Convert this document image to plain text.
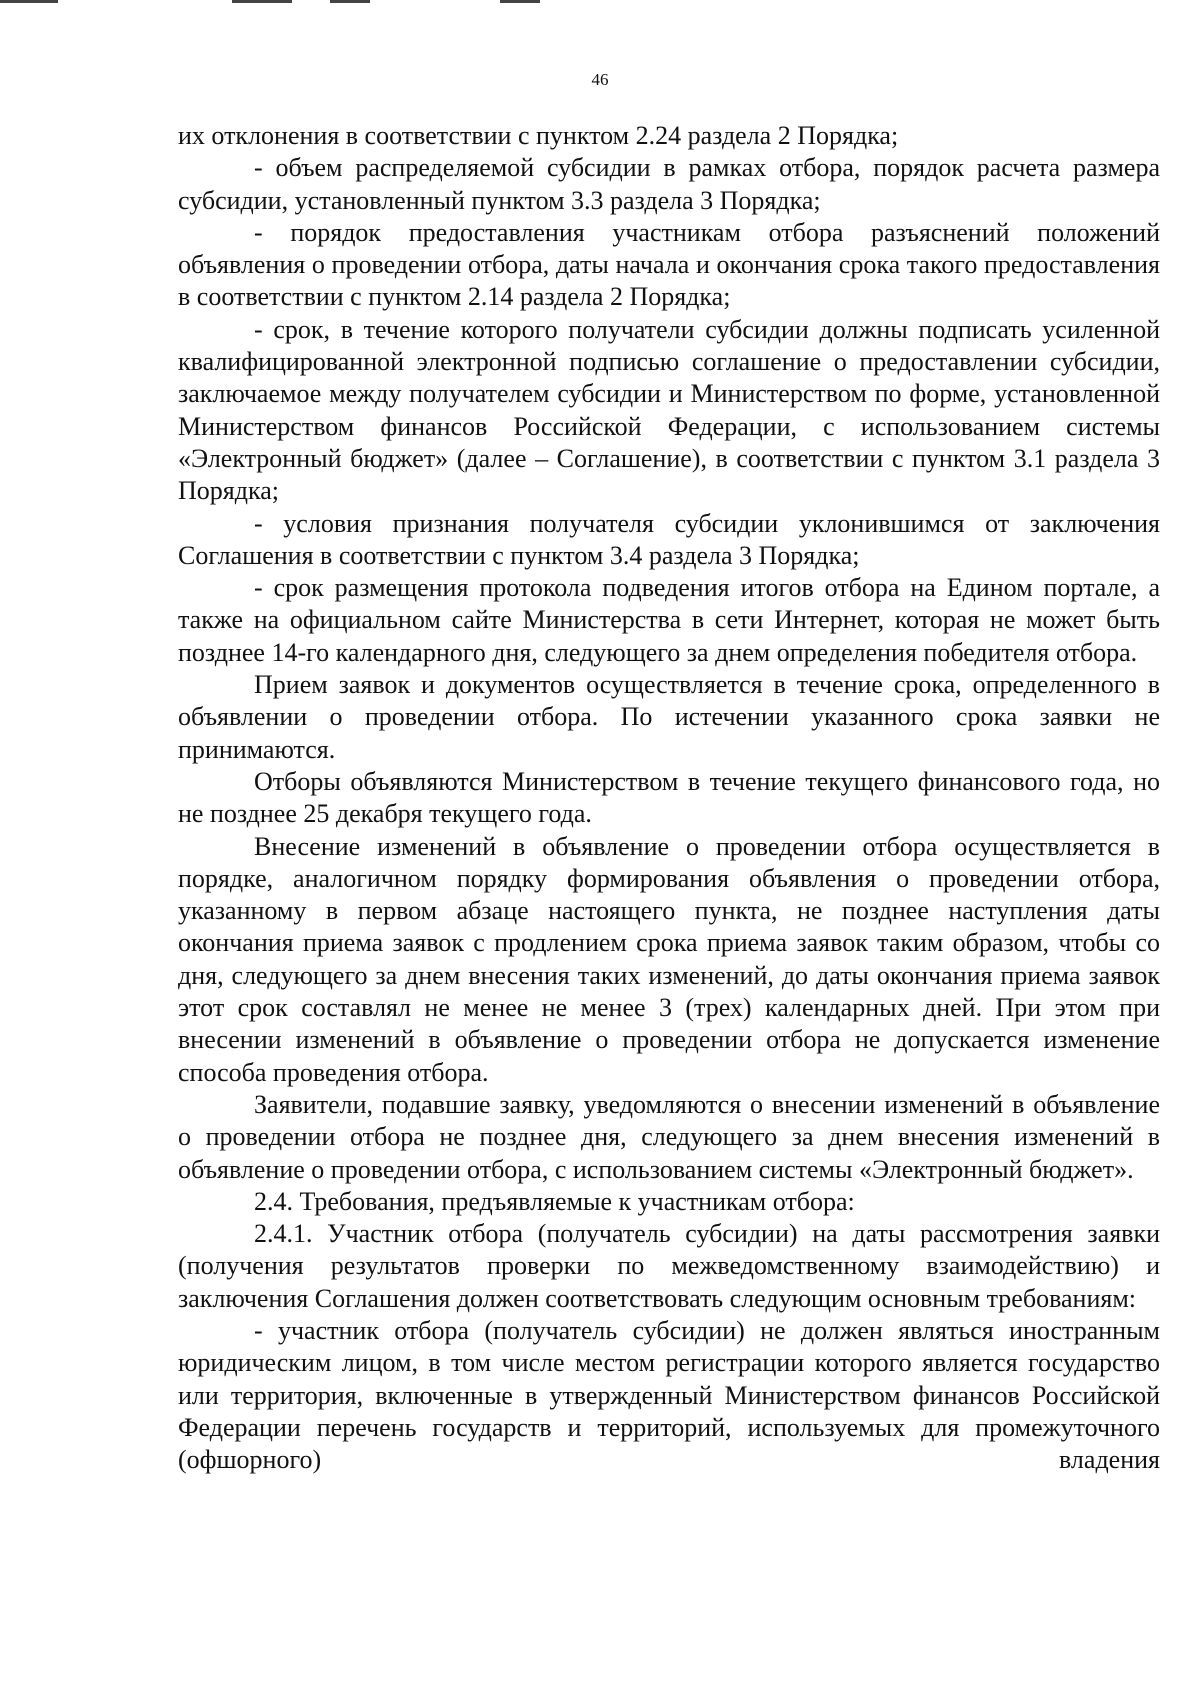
46

их отклонения в соответствии с пунктом 2.24 раздела 2 Порядка;

- объем распределяемой субсидии в рамках отбора, порядок расчета размера субсидии, установленный пунктом 3.3 раздела 3 Порядка;

- порядок предоставления участникам отбора разъяснений положений объявления о проведении отбора, даты начала и окончания срока такого предоставления в соответствии с пунктом 2.14 раздела 2 Порядка;

- срок, в течение которого получатели субсидии должны подписать усиленной квалифицированной электронной подписью соглашение о предоставлении субсидии, заключаемое между получателем субсидии и Министерством по форме, установленной Министерством финансов Российской Федерации, с использованием системы «Электронный бюджет» (далее – Соглашение), в соответствии с пунктом 3.1 раздела 3 Порядка;

- условия признания получателя субсидии уклонившимся от заключения Соглашения в соответствии с пунктом 3.4 раздела 3 Порядка;

- срок размещения протокола подведения итогов отбора на Едином портале, а также на официальном сайте Министерства в сети Интернет, которая не может быть позднее 14-го календарного дня, следующего за днем определения победителя отбора.

Прием заявок и документов осуществляется в течение срока, определенного в объявлении о проведении отбора. По истечении указанного срока заявки не принимаются.

Отборы объявляются Министерством в течение текущего финансового года, но не позднее 25 декабря текущего года.

Внесение изменений в объявление о проведении отбора осуществляется в порядке, аналогичном порядку формирования объявления о проведении отбора, указанному в первом абзаце настоящего пункта, не позднее наступления даты окончания приема заявок с продлением срока приема заявок таким образом, чтобы со дня, следующего за днем внесения таких изменений, до даты окончания приема заявок этот срок составлял не менее не менее 3 (трех) календарных дней. При этом при внесении изменений в объявление о проведении отбора не допускается изменение способа проведения отбора.

Заявители, подавшие заявку, уведомляются о внесении изменений в объявление о проведении отбора не позднее дня, следующего за днем внесения изменений в объявление о проведении отбора, с использованием системы «Электронный бюджет».

2.4. Требования, предъявляемые к участникам отбора:

2.4.1. Участник отбора (получатель субсидии) на даты рассмотрения заявки (получения результатов проверки по межведомственному взаимодействию) и заключения Соглашения должен соответствовать следующим основным требованиям:

- участник отбора (получатель субсидии) не должен являться иностранным юридическим лицом, в том числе местом регистрации которого является государство или территория, включенные в утвержденный Министерством финансов Российской Федерации перечень государств и территорий, используемых для промежуточного (офшорного) владения
